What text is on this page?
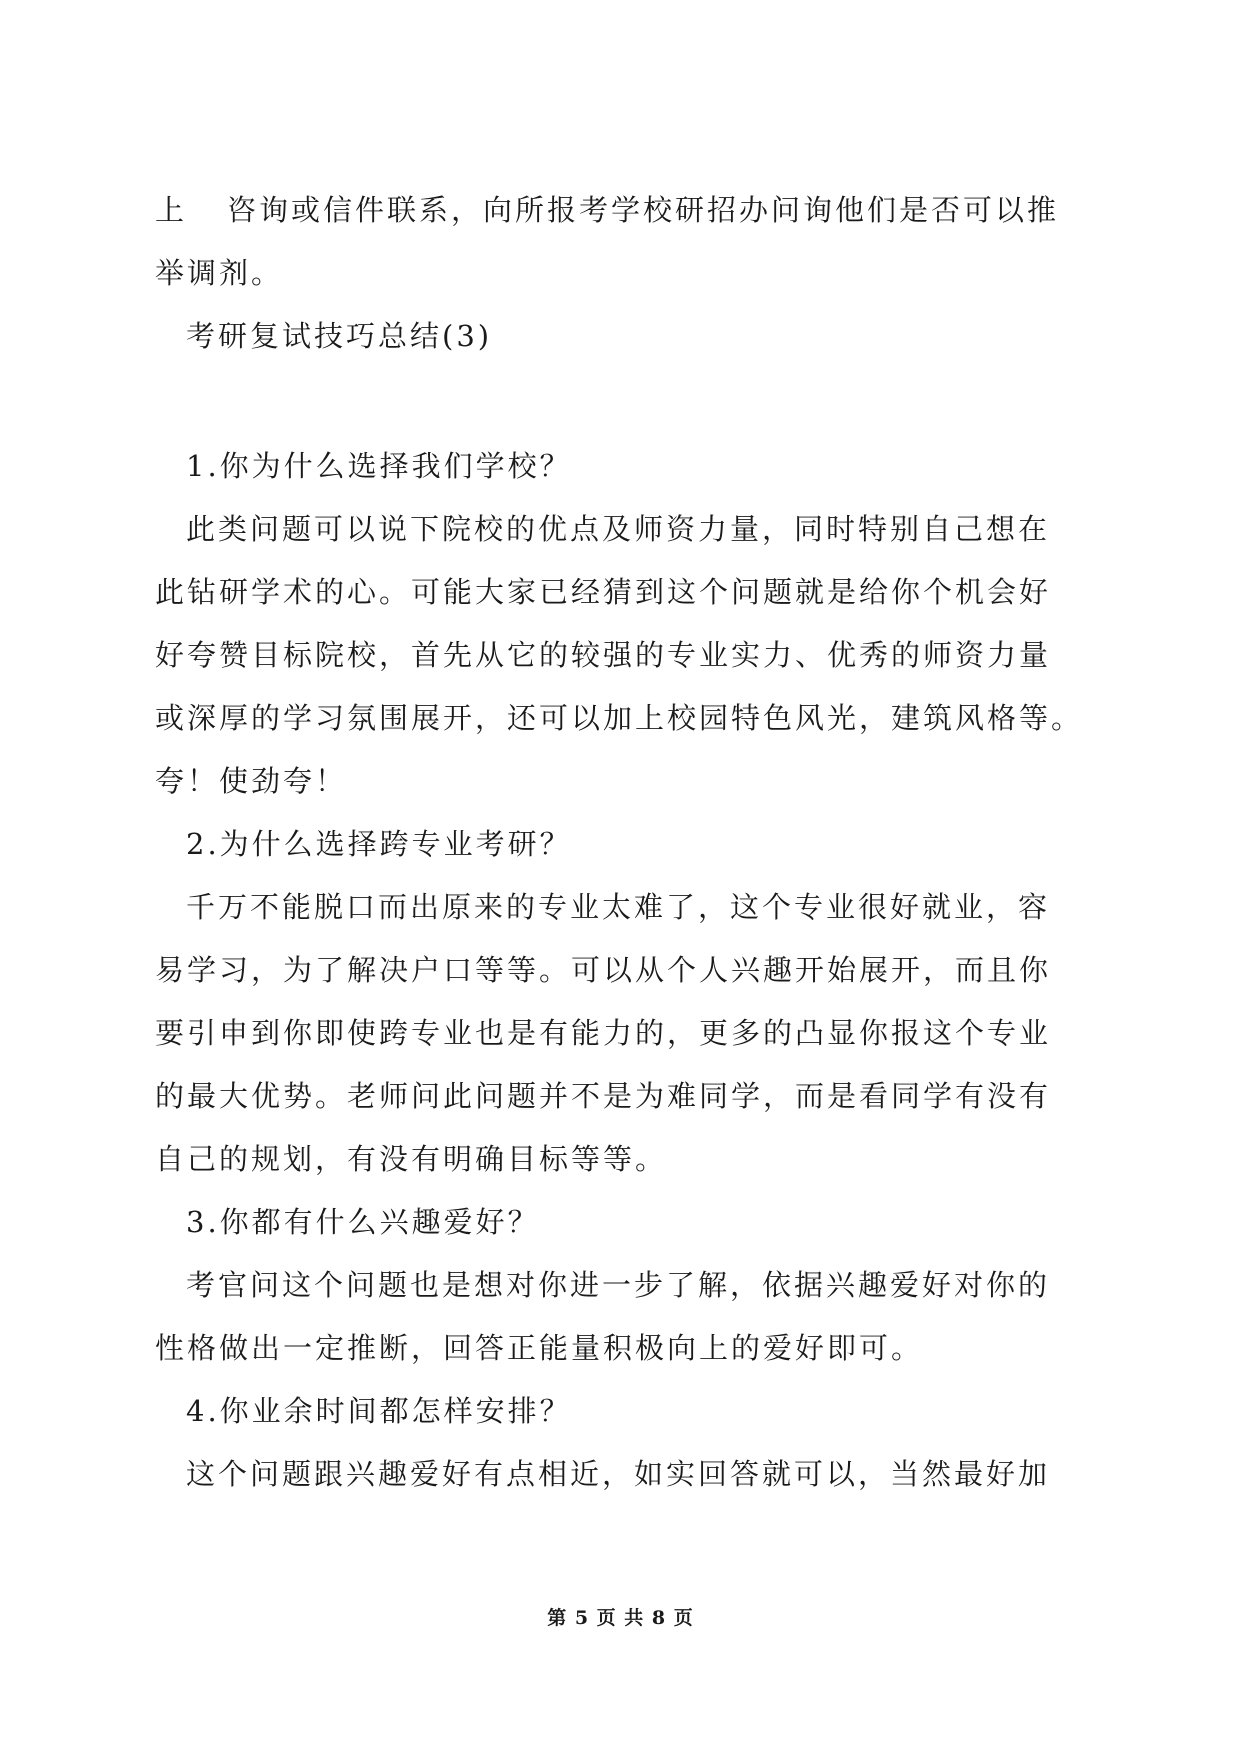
上 咨询或信件联系，向所报考学校研招办问询他们是否可以推
举调剂。
考研复试技巧总结(3)
1.你为什么选择我们学校？
此类问题可以说下院校的优点及师资力量，同时特别自己想在
此钻研学术的心。可能大家已经猜到这个问题就是给你个机会好
好夸赞目标院校，首先从它的较强的专业实力、优秀的师资力量
或深厚的学习氛围展开，还可以加上校园特色风光，建筑风格等。
夸！使劲夸！
2.为什么选择跨专业考研？
千万不能脱口而出原来的专业太难了，这个专业很好就业，容
易学习，为了解决户口等等。可以从个人兴趣开始展开，而且你
要引申到你即使跨专业也是有能力的，更多的凸显你报这个专业
的最大优势。老师问此问题并不是为难同学，而是看同学有没有
自己的规划，有没有明确目标等等。
3.你都有什么兴趣爱好？
考官问这个问题也是想对你进一步了解，依据兴趣爱好对你的
性格做出一定推断，回答正能量积极向上的爱好即可。
4.你业余时间都怎样安排？
这个问题跟兴趣爱好有点相近，如实回答就可以，当然最好加
第 5 页 共 8 页
